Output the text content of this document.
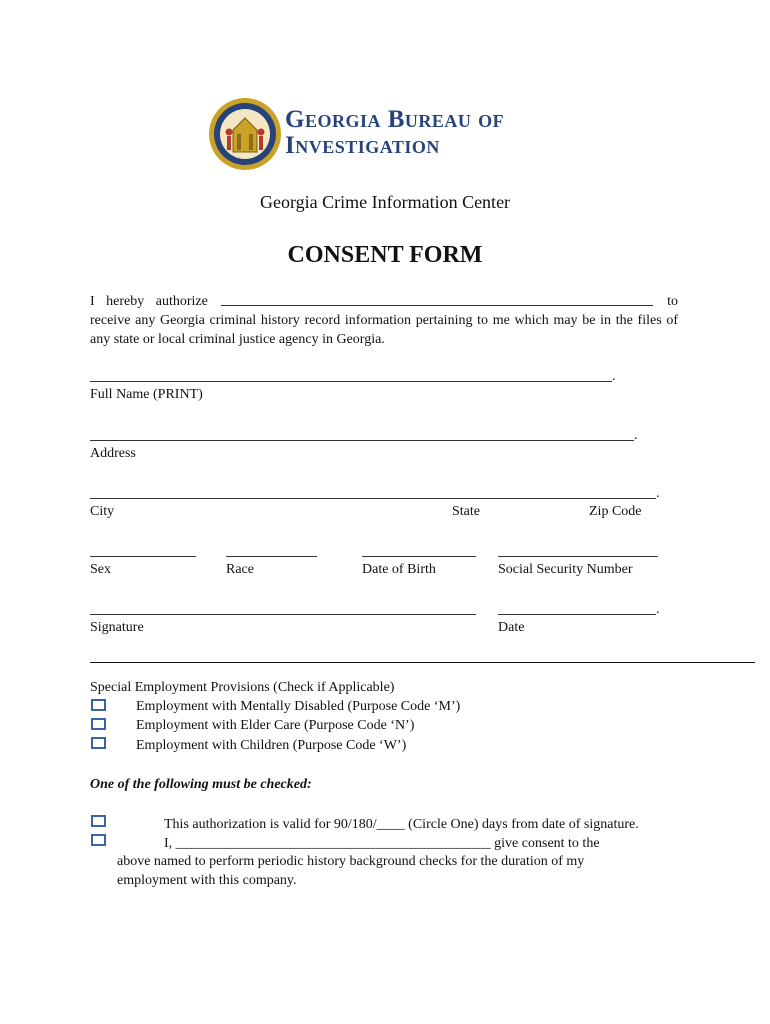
Georgia Bureau of
Investigation
Georgia Crime Information Center
CONSENT FORM
I hereby authorize	to
receive any Georgia criminal history record information pertaining to me which may be in the files of any state or local criminal justice agency in Georgia.
.
Full Name (PRINT)
.
Address
.
City	State	Zip Code
Sex	Race	Date of Birth	Social Security Number
.
Signature	Date
Special Employment Provisions (Check if Applicable)
Employment with Mentally Disabled (Purpose Code ‘M’)
Employment with Elder Care (Purpose Code ‘N’)
Employment with Children (Purpose Code ‘W’)
One of the following must be checked:
This authorization is valid for 90/180/____ (Circle One) days from date of signature.
I, _____________________________________________ give consent to the
above named to perform periodic history background checks for the duration of my
employment with this company.
